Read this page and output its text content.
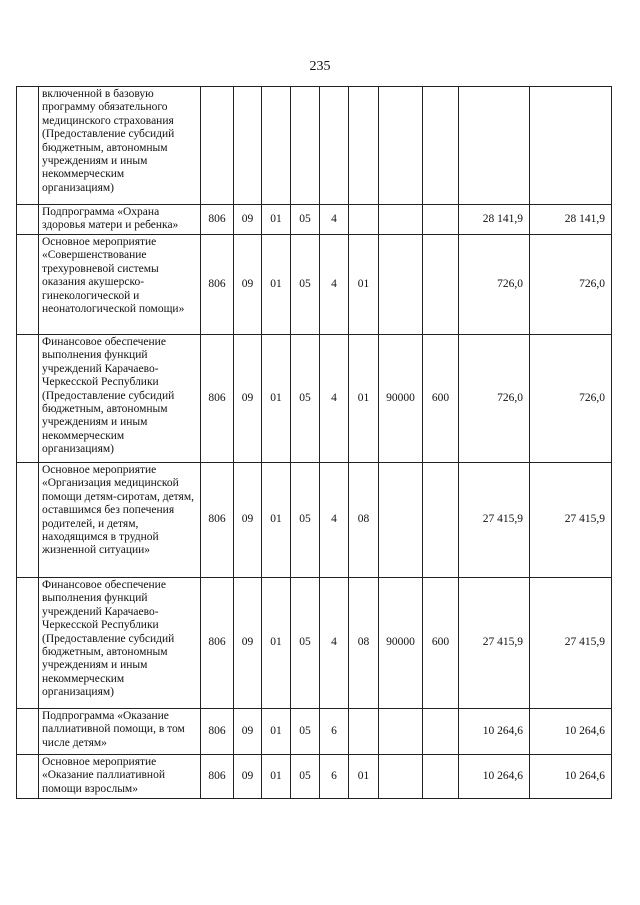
235
	включенной в базовую программу обязательного медицинского страхования (Предоставление субсидий бюджетным, автономным учреждениям и иным некоммерческим организациям)										
	Подпрограмма «Охрана здоровья матери и ребенка»	806	09	01	05	4				28 141,9	28 141,9
	Основное мероприятие «Совершенствование трехуровневой системы оказания акушерско-гинекологической и неонатологической помощи»	806	09	01	05	4	01			726,0	726,0
	Финансовое обеспечение выполнения функций учреждений Карачаево-Черкесской Республики (Предоставление субсидий бюджетным, автономным учреждениям и иным некоммерческим организациям)	806	09	01	05	4	01	90000	600	726,0	726,0
	Основное мероприятие «Организация медицинской помощи детям-сиротам, детям, оставшимся без попечения родителей, и детям, находящимся в трудной жизненной ситуации»	806	09	01	05	4	08			27 415,9	27 415,9
	Финансовое обеспечение выполнения функций учреждений Карачаево-Черкесской Республики (Предоставление субсидий бюджетным, автономным учреждениям и иным некоммерческим организациям)	806	09	01	05	4	08	90000	600	27 415,9	27 415,9
	Подпрограмма «Оказание паллиативной помощи, в том числе детям»	806	09	01	05	6				10 264,6	10 264,6
	Основное мероприятие «Оказание паллиативной помощи взрослым»	806	09	01	05	6	01			10 264,6	10 264,6
